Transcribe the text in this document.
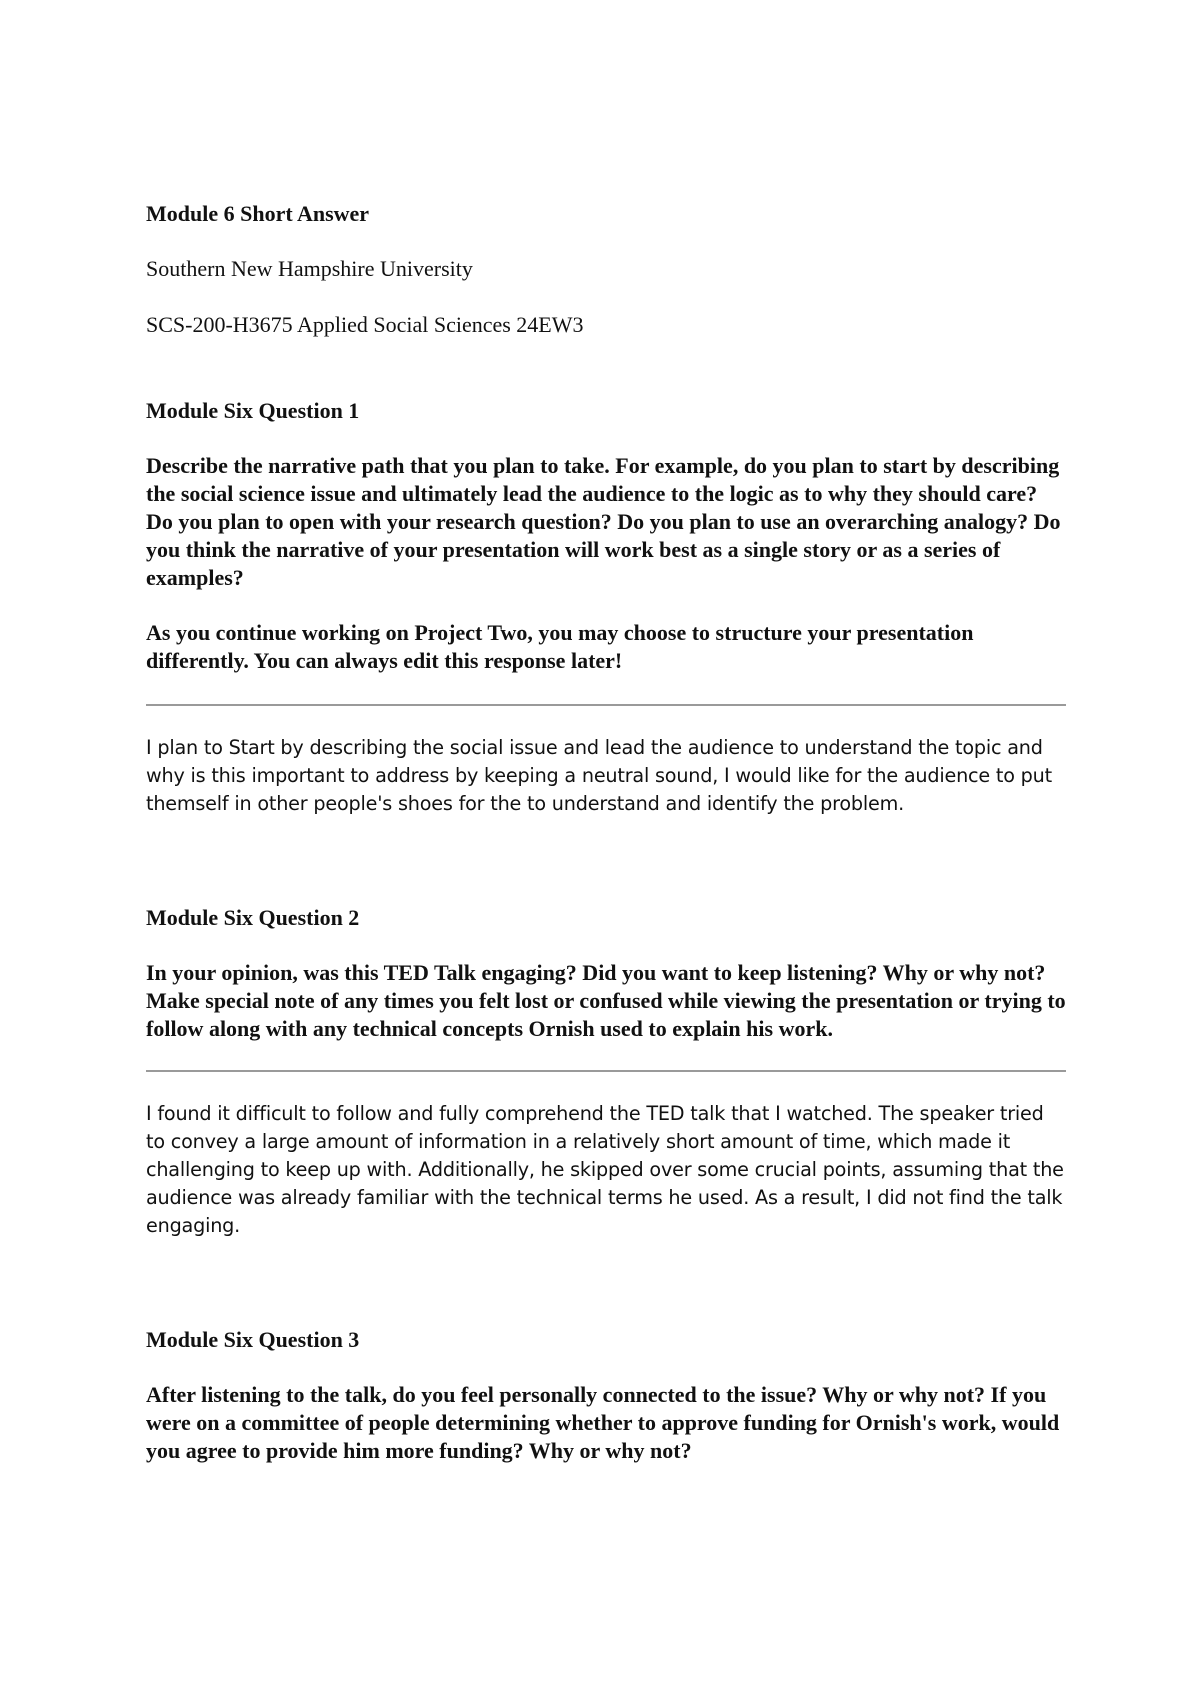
Module 6 Short Answer

Southern New Hampshire University

SCS-200-H3675 Applied Social Sciences 24EW3

Module Six Question 1

Describe the narrative path that you plan to take. For example, do you plan to start by describing the social science issue and ultimately lead the audience to the logic as to why they should care? Do you plan to open with your research question? Do you plan to use an overarching analogy? Do you think the narrative of your presentation will work best as a single story or as a series of examples?

As you continue working on Project Two, you may choose to structure your presentation differently. You can always edit this response later!

I plan to Start by describing the social issue and lead the audience to understand the topic and why is this important to address by keeping a neutral sound, I would like for the audience to put themself in other people's shoes for the to understand and identify the problem.

Module Six Question 2

In your opinion, was this TED Talk engaging? Did you want to keep listening? Why or why not? Make special note of any times you felt lost or confused while viewing the presentation or trying to follow along with any technical concepts Ornish used to explain his work.

I found it difficult to follow and fully comprehend the TED talk that I watched. The speaker tried to convey a large amount of information in a relatively short amount of time, which made it challenging to keep up with. Additionally, he skipped over some crucial points, assuming that the audience was already familiar with the technical terms he used. As a result, I did not find the talk engaging.

Module Six Question 3

After listening to the talk, do you feel personally connected to the issue? Why or why not? If you were on a committee of people determining whether to approve funding for Ornish's work, would you agree to provide him more funding? Why or why not?
